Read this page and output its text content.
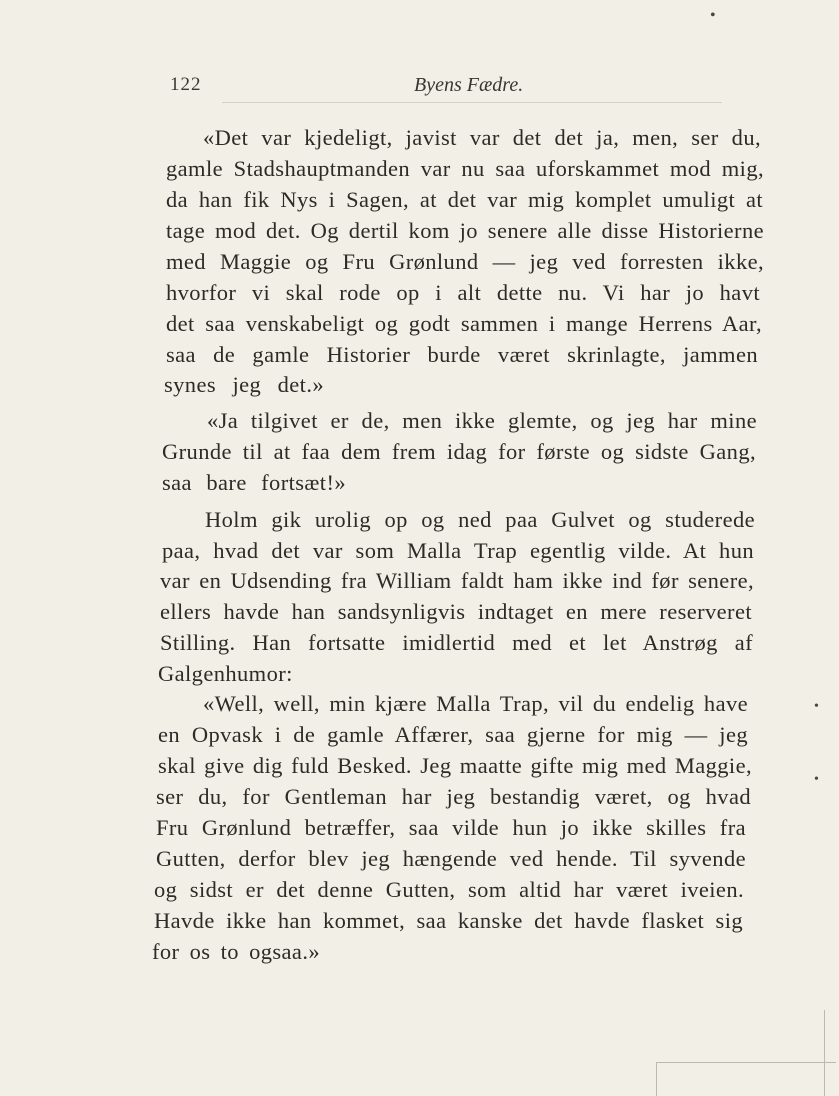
122	Byens Fædre.
«Det var kjedeligt, javist var det det ja, men, ser du,
gamle Stadshauptmanden var nu saa uforskammet mod mig,
da han fik Nys i Sagen, at det var mig komplet umuligt at
tage mod det. Og dertil kom jo senere alle disse Historierne
med Maggie og Fru Grønlund — jeg ved forresten ikke,
hvorfor vi skal rode op i alt dette nu. Vi har jo havt
det saa venskabeligt og godt sammen i mange Herrens Aar,
saa de gamle Historier burde været skrinlagte, jammen
synes jeg det.»
«Ja tilgivet er de, men ikke glemte, og jeg har mine
Grunde til at faa dem frem idag for første og sidste Gang,
saa bare fortsæt!»
Holm gik urolig op og ned paa Gulvet og studerede
paa, hvad det var som Malla Trap egentlig vilde. At hun
var en Udsending fra William faldt ham ikke ind før senere,
ellers havde han sandsynligvis indtaget en mere reserveret
Stilling. Han fortsatte imidlertid med et let Anstrøg af
Galgenhumor:
«Well, well, min kjære Malla Trap, vil du endelig have
en Opvask i de gamle Affærer, saa gjerne for mig — jeg
skal give dig fuld Besked. Jeg maatte gifte mig med Maggie,
ser du, for Gentleman har jeg bestandig været, og hvad
Fru Grønlund betræffer, saa vilde hun jo ikke skilles fra
Gutten, derfor blev jeg hængende ved hende. Til syvende
og sidst er det denne Gutten, som altid har været iveien.
Havde ikke han kommet, saa kanske det havde flasket sig
for os to ogsaa.»
•
•
•
